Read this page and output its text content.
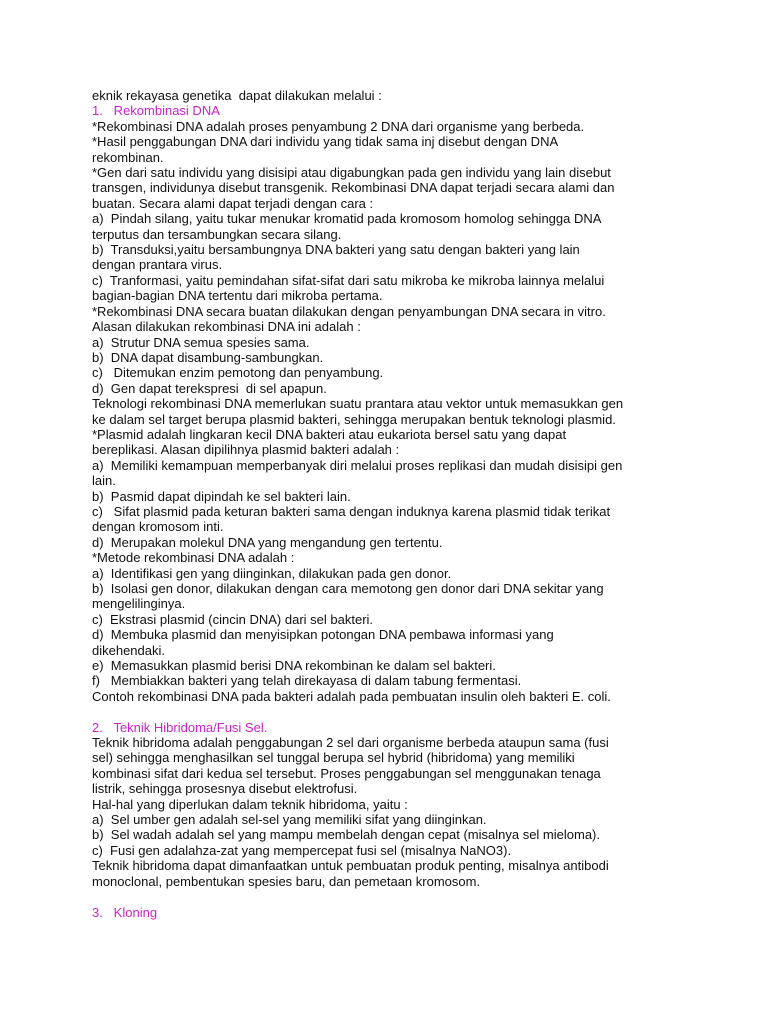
eknik rekayasa genetika  dapat dilakukan melalui :
1.   Rekombinasi DNA
*Rekombinasi DNA adalah proses penyambung 2 DNA dari organisme yang berbeda.
*Hasil penggabungan DNA dari individu yang tidak sama inj disebut dengan DNA
rekombinan.
*Gen dari satu individu yang disisipi atau digabungkan pada gen individu yang lain disebut
transgen, individunya disebut transgenik. Rekombinasi DNA dapat terjadi secara alami dan
buatan. Secara alami dapat terjadi dengan cara :
a)  Pindah silang, yaitu tukar menukar kromatid pada kromosom homolog sehingga DNA
terputus dan tersambungkan secara silang.
b)  Transduksi,yaitu bersambungnya DNA bakteri yang satu dengan bakteri yang lain
dengan prantara virus.
c)  Tranformasi, yaitu pemindahan sifat-sifat dari satu mikroba ke mikroba lainnya melalui
bagian-bagian DNA tertentu dari mikroba pertama.
*Rekombinasi DNA secara buatan dilakukan dengan penyambungan DNA secara in vitro.
Alasan dilakukan rekombinasi DNA ini adalah :
a)  Strutur DNA semua spesies sama.
b)  DNA dapat disambung-sambungkan.
c)   Ditemukan enzim pemotong dan penyambung.
d)  Gen dapat terekspresi  di sel apapun.
Teknologi rekombinasi DNA memerlukan suatu prantara atau vektor untuk memasukkan gen
ke dalam sel target berupa plasmid bakteri, sehingga merupakan bentuk teknologi plasmid.
*Plasmid adalah lingkaran kecil DNA bakteri atau eukariota bersel satu yang dapat
bereplikasi. Alasan dipilihnya plasmid bakteri adalah :
a)  Memiliki kemampuan memperbanyak diri melalui proses replikasi dan mudah disisipi gen
lain.
b)  Pasmid dapat dipindah ke sel bakteri lain.
c)   Sifat plasmid pada keturan bakteri sama dengan induknya karena plasmid tidak terikat
dengan kromosom inti.
d)  Merupakan molekul DNA yang mengandung gen tertentu.
*Metode rekombinasi DNA adalah :
a)  Identifikasi gen yang diinginkan, dilakukan pada gen donor.
b)  Isolasi gen donor, dilakukan dengan cara memotong gen donor dari DNA sekitar yang
mengelilinginya.
c)  Ekstrasi plasmid (cincin DNA) dari sel bakteri.
d)  Membuka plasmid dan menyisipkan potongan DNA pembawa informasi yang
dikehendaki.
e)  Memasukkan plasmid berisi DNA rekombinan ke dalam sel bakteri.
f)   Membiakkan bakteri yang telah direkayasa di dalam tabung fermentasi.
Contoh rekombinasi DNA pada bakteri adalah pada pembuatan insulin oleh bakteri E. coli.
2.   Teknik Hibridoma/Fusi Sel.
Teknik hibridoma adalah penggabungan 2 sel dari organisme berbeda ataupun sama (fusi
sel) sehingga menghasilkan sel tunggal berupa sel hybrid (hibridoma) yang memiliki
kombinasi sifat dari kedua sel tersebut. Proses penggabungan sel menggunakan tenaga
listrik, sehingga prosesnya disebut elektrofusi.
Hal-hal yang diperlukan dalam teknik hibridoma, yaitu :
a)  Sel umber gen adalah sel-sel yang memiliki sifat yang diinginkan.
b)  Sel wadah adalah sel yang mampu membelah dengan cepat (misalnya sel mieloma).
c)  Fusi gen adalahza-zat yang mempercepat fusi sel (misalnya NaNO3).
Teknik hibridoma dapat dimanfaatkan untuk pembuatan produk penting, misalnya antibodi
monoclonal, pembentukan spesies baru, dan pemetaan kromosom.
3.   Kloning
